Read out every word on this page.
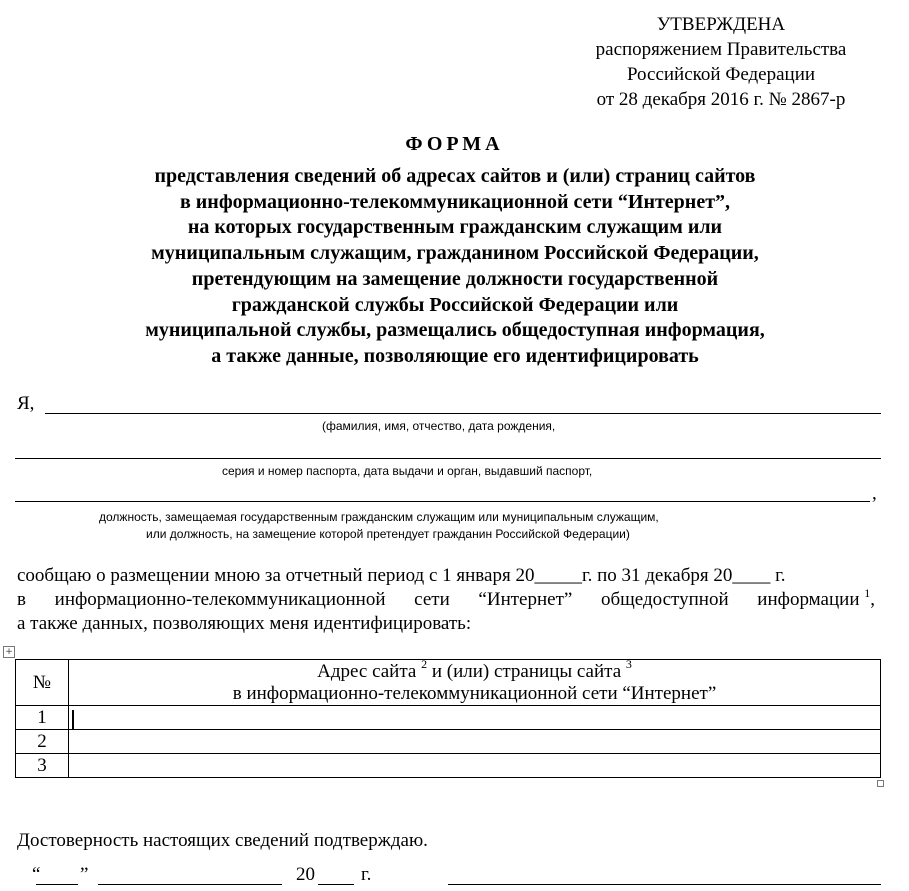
УТВЕРЖДЕНА
распоряжением Правительства
Российской Федерации
от 28 декабря 2016 г. № 2867-р
ФОРМА
представления сведений об адресах сайтов и (или) страниц сайтов
в информационно-телекоммуникационной сети “Интернет”,
на которых государственным гражданским служащим или
муниципальным служащим, гражданином Российской Федерации,
претендующим на замещение должности государственной
гражданской службы Российской Федерации или
муниципальной службы, размещались общедоступная информация,
а также данные, позволяющие его идентифицировать
Я,
(фамилия, имя, отчество, дата рождения,
серия и номер паспорта, дата выдачи и орган, выдавший паспорт,
,
должность, замещаемая государственным гражданским служащим или муниципальным служащим,
или должность, на замещение которой претендует гражданин Российской Федерации)
сообщаю о размещении мною за отчетный период с 1 января 20_____г. по 31 декабря 20____ г.
в информационно-телекоммуникационной сети “Интернет” общедоступной информации $^1$,
а также данных, позволяющих меня идентифицировать:
+
№	Адрес сайта $^2$ и (или) страницы сайта $^3$
в информационно-телекоммуникационной сети “Интернет”

1	
2	
3	
Достоверность настоящих сведений подтверждаю.
“ ”	20 г.
